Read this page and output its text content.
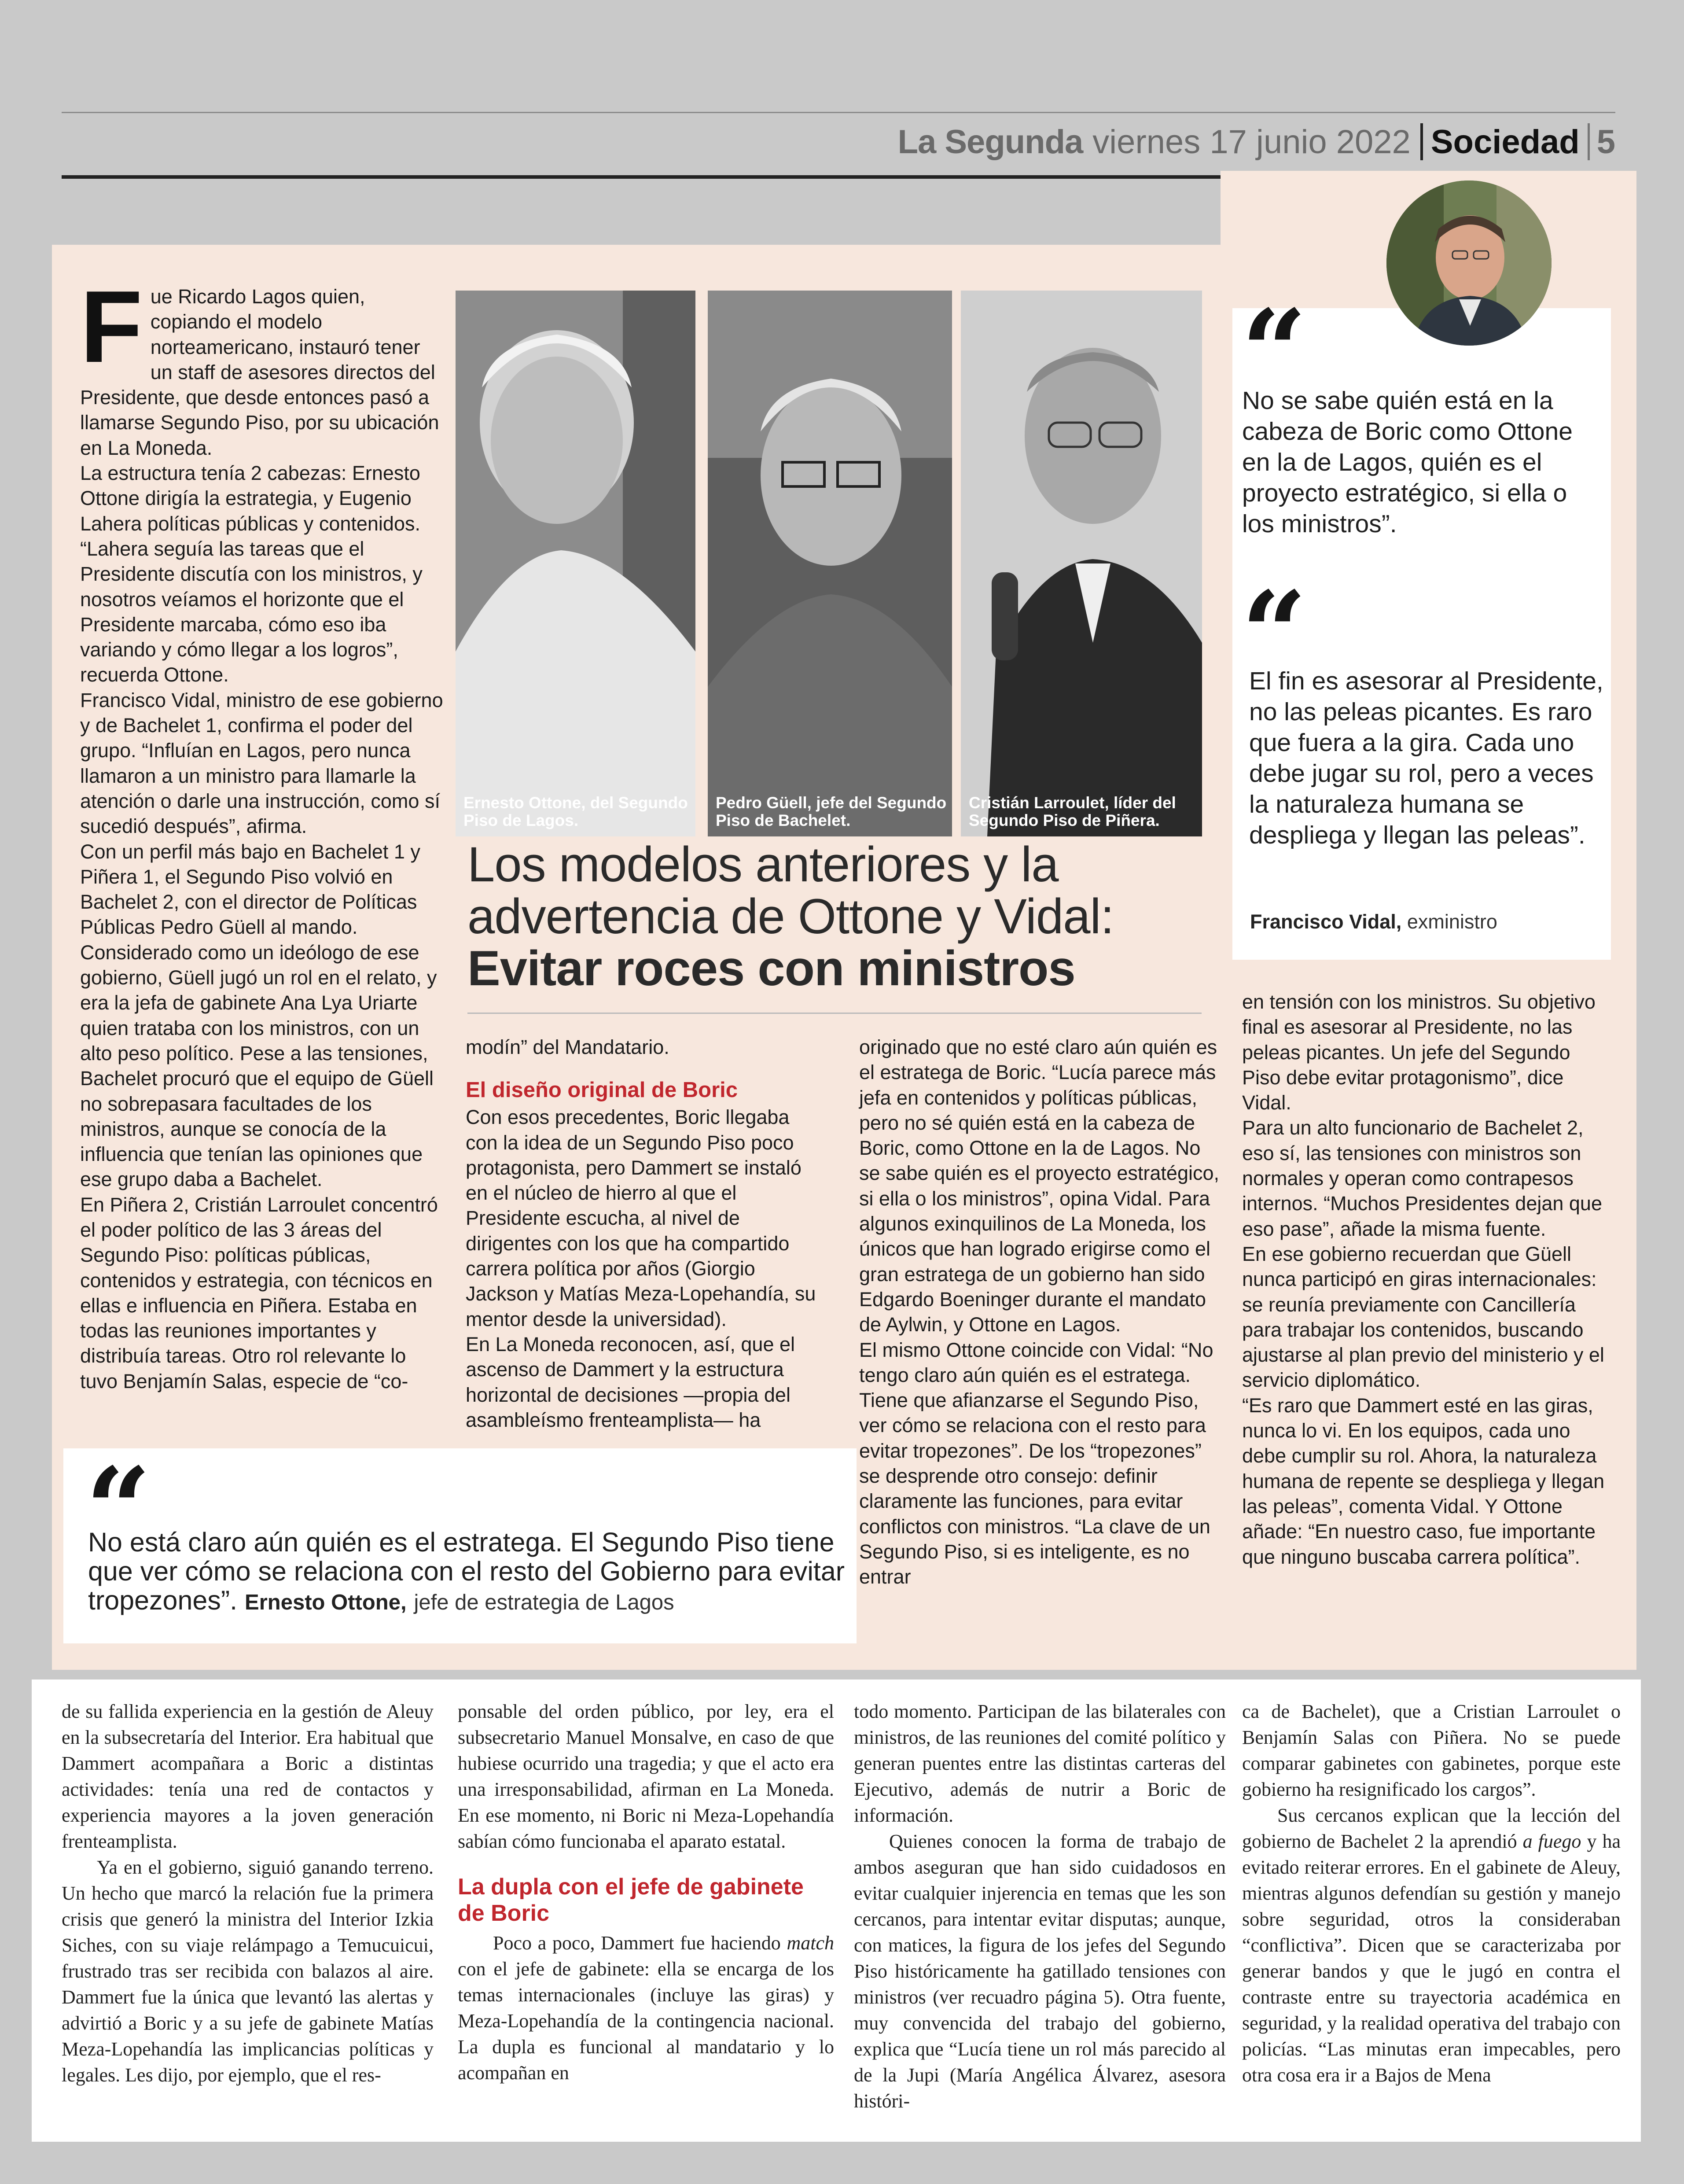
La Segunda viernes 17 junio 2022 Sociedad 5
F ue Ricardo Lagos quien, copiando el modelo norteamericano, instauró tener un staff de asesores directos del Presidente, que desde entonces pasó a llamarse Segundo Piso, por su ubicación en La Moneda.

La estructura tenía 2 cabezas: Ernesto Ottone dirigía la estrategia, y Eugenio Lahera políticas públicas y contenidos. “Lahera seguía las tareas que el Presidente discutía con los ministros, y nosotros veíamos el horizonte que el Presidente marcaba, cómo eso iba variando y cómo llegar a los logros”, recuerda Ottone.

Francisco Vidal, ministro de ese gobierno y de Bachelet 1, confirma el poder del grupo. “Influían en Lagos, pero nunca llamaron a un ministro para llamarle la atención o darle una instrucción, como sí sucedió después”, afirma.

Con un perfil más bajo en Bachelet 1 y Piñera 1, el Segundo Piso volvió en Bachelet 2, con el director de Políticas Públicas Pedro Güell al mando. Considerado como un ideólogo de ese gobierno, Güell jugó un rol en el relato, y era la jefa de gabinete Ana Lya Uriarte quien trataba con los ministros, con un alto peso político. Pese a las tensiones, Bachelet procuró que el equipo de Güell no sobrepasara facultades de los ministros, aunque se conocía de la influencia que tenían las opiniones que ese grupo daba a Bachelet.

En Piñera 2, Cristián Larroulet concentró el poder político de las 3 áreas del Segundo Piso: políticas públicas, contenidos y estrategia, con técnicos en ellas e influencia en Piñera. Estaba en todas las reuniones importantes y distribuía tareas. Otro rol relevante lo tuvo Benjamín Salas, especie de “co-

Ernesto Ottone, del Segundo Piso de Lagos.
Pedro Güell, jefe del Segundo Piso de Bachelet.
Cristián Larroulet, líder del Segundo Piso de Piñera.
Los modelos anteriores y la advertencia de Ottone y Vidal:
Evitar roces con ministros

modín” del Mandatario.

El diseño original de Boric

Con esos precedentes, Boric llegaba con la idea de un Segundo Piso poco protagonista, pero Dammert se instaló en el núcleo de hierro al que el Presidente escucha, al nivel de dirigentes con los que ha compartido carrera política por años (Giorgio Jackson y Matías Meza-Lopehandía, su mentor desde la universidad).

En La Moneda reconocen, así, que el ascenso de Dammert y la estructura horizontal de decisiones —propia del asambleísmo frenteamplista— ha

originado que no esté claro aún quién es el estratega de Boric. “Lucía parece más jefa en contenidos y políticas públicas, pero no sé quién está en la cabeza de Boric, como Ottone en la de Lagos. No se sabe quién es el proyecto estratégico, si ella o los ministros”, opina Vidal. Para algunos exinquilinos de La Moneda, los únicos que han logrado erigirse como el gran estratega de un gobierno han sido Edgardo Boeninger durante el mandato de Aylwin, y Ottone en Lagos.

El mismo Ottone coincide con Vidal: “No tengo claro aún quién es el estratega. Tiene que afianzarse el Segundo Piso, ver cómo se relaciona con el resto para evitar tropezones”. De los “tropezones” se desprende otro consejo: definir claramente las funciones, para evitar conflictos con ministros. “La clave de un Segundo Piso, si es inteligente, es no entrar

en tensión con los ministros. Su objetivo final es asesorar al Presidente, no las peleas picantes. Un jefe del Segundo Piso debe evitar protagonismo”, dice Vidal.

Para un alto funcionario de Bachelet 2, eso sí, las tensiones con ministros son normales y operan como contrapesos internos. “Muchos Presidentes dejan que eso pase”, añade la misma fuente.

En ese gobierno recuerdan que Güell nunca participó en giras internacionales: se reunía previamente con Cancillería para trabajar los contenidos, buscando ajustarse al plan previo del ministerio y el servicio diplomático.

“Es raro que Dammert esté en las giras, nunca lo vi. En los equipos, cada uno debe cumplir su rol. Ahora, la naturaleza humana de repente se despliega y llegan las peleas”, comenta Vidal. Y Ottone añade: “En nuestro caso, fue importante que ninguno buscaba carrera política”.

“
No se sabe quién está en la cabeza de Boric como Ottone en la de Lagos, quién es el proyecto estratégico, si ella o los ministros”.
“
El fin es asesorar al Presidente, no las peleas picantes. Es raro que fuera a la gira. Cada uno debe jugar su rol, pero a veces la naturaleza humana se despliega y llegan las peleas”.
Francisco Vidal, exministro
“
No está claro aún quién es el estratega. El Segundo Piso tiene que ver cómo se relaciona con el resto del Gobierno para evitar tropezones”. Ernesto Ottone, jefe de estrategia de Lagos

de su fallida experiencia en la gestión de Aleuy en la subsecretaría del Interior. Era habitual que Dammert acompañara a Boric a distintas actividades: tenía una red de contactos y experiencia mayores a la joven generación frenteamplista.

Ya en el gobierno, siguió ganando terreno. Un hecho que marcó la relación fue la primera crisis que generó la ministra del Interior Izkia Siches, con su viaje relámpago a Temucuicui, frustrado tras ser recibida con balazos al aire. Dammert fue la única que levantó las alertas y advirtió a Boric y a su jefe de gabinete Matías Meza-Lopehandía las implicancias políticas y legales. Les dijo, por ejemplo, que el res-

ponsable del orden público, por ley, era el subsecretario Manuel Monsalve, en caso de que hubiese ocurrido una tragedia; y que el acto era una irresponsabilidad, afirman en La Moneda. En ese momento, ni Boric ni Meza-Lopehandía sabían cómo funcionaba el aparato estatal.

La dupla con el jefe de gabinete de Boric

Poco a poco, Dammert fue haciendo match con el jefe de gabinete: ella se encarga de los temas internacionales (incluye las giras) y Meza-Lopehandía de la contingencia nacional. La dupla es funcional al mandatario y lo acompañan en

todo momento. Participan de las bilaterales con ministros, de las reuniones del comité político y generan puentes entre las distintas carteras del Ejecutivo, además de nutrir a Boric de información.

Quienes conocen la forma de trabajo de ambos aseguran que han sido cuidadosos en evitar cualquier injerencia en temas que les son cercanos, para intentar evitar disputas; aunque, con matices, la figura de los jefes del Segundo Piso históricamente ha gatillado tensiones con ministros (ver recuadro página 5). Otra fuente, muy convencida del trabajo del gobierno, explica que “Lucía tiene un rol más parecido al de la Jupi (María Angélica Álvarez, asesora históri-

ca de Bachelet), que a Cristian Larroulet o Benjamín Salas con Piñera. No se puede comparar gabinetes con gabinetes, porque este gobierno ha resignificado los cargos”.

Sus cercanos explican que la lección del gobierno de Bachelet 2 la aprendió a fuego y ha evitado reiterar errores. En el gabinete de Aleuy, mientras algunos defendían su gestión y manejo sobre seguridad, otros la consideraban “conflictiva”. Dicen que se caracterizaba por generar bandos y que le jugó en contra el contraste entre su trayectoria académica en seguridad, y la realidad operativa del trabajo con policías. “Las minutas eran impecables, pero otra cosa era ir a Bajos de Mena
